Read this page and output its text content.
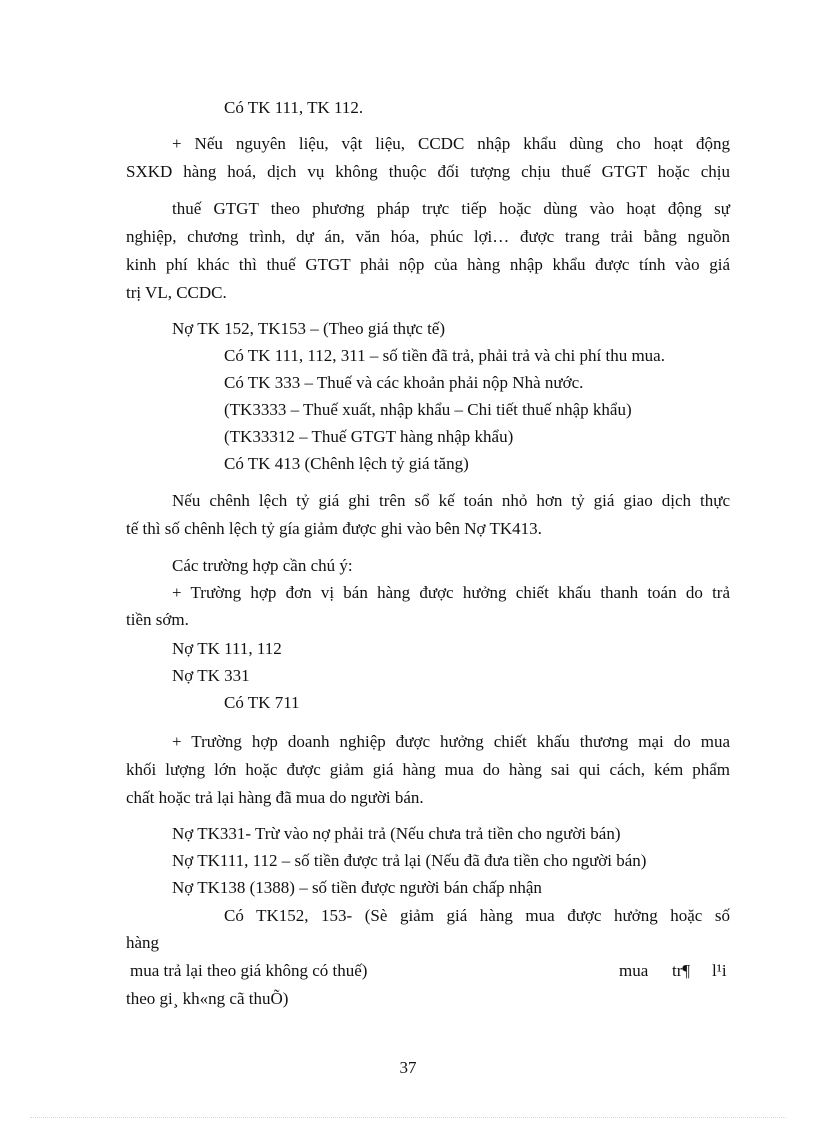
Có TK 111, TK 112.
+ Nếu nguyên liệu, vật liệu, CCDC nhập khẩu dùng cho hoạt động
SXKD hàng hoá, dịch vụ không thuộc đối tượng chịu thuế GTGT hoặc chịu
thuế GTGT theo phương pháp trực tiếp hoặc dùng vào hoạt động sự
nghiệp, chương trình, dự án, văn hóa, phúc lợi… được trang trải bằng nguồn
kinh phí khác thì thuế GTGT phải nộp của hàng nhập khẩu được tính vào giá
trị VL, CCDC.
Nợ TK 152, TK153 – (Theo giá thực tế)
Có TK 111, 112, 311 – số tiền đã trả, phải trả và chi phí thu mua.
Có TK 333 – Thuế và các khoản phải nộp Nhà nước.
(TK3333 – Thuế xuất, nhập khẩu – Chi tiết thuế nhập khẩu)
(TK33312 – Thuế GTGT hàng nhập khẩu)
Có TK 413 (Chênh lệch tỷ giá tăng)
Nếu chênh lệch tỷ giá ghi trên sổ kế toán nhỏ hơn tỷ giá giao dịch thực
tế thì số chênh lệch tỷ gía giảm được ghi vào bên Nợ TK413.
Các trường hợp cần chú ý:
+ Trường hợp đơn vị bán hàng được hưởng chiết khấu thanh toán do trả
tiền sớm.
Nợ TK 111, 112
Nợ TK 331
Có TK 711
+ Trường hợp doanh nghiệp được hưởng chiết khấu thương mại do mua
khối lượng lớn hoặc được giảm giá hàng mua do hàng sai qui cách, kém phẩm
chất hoặc trả lại hàng đã mua do người bán.
Nợ TK331- Trừ vào nợ phải trả (Nếu chưa trả tiền cho người bán)
Nợ TK111, 112 – số tiền được trả lại (Nếu đã đưa tiền cho người bán)
Nợ TK138 (1388) – số tiền được người bán chấp nhận
Có TK152, 153- (Sè giảm giá hàng mua được hưởng hoặc số
hàng
mua trả lại theo giá không có thuế)	mua tr¶ l¹i
theo gi¸ kh«ng cã thuÕ)
37
